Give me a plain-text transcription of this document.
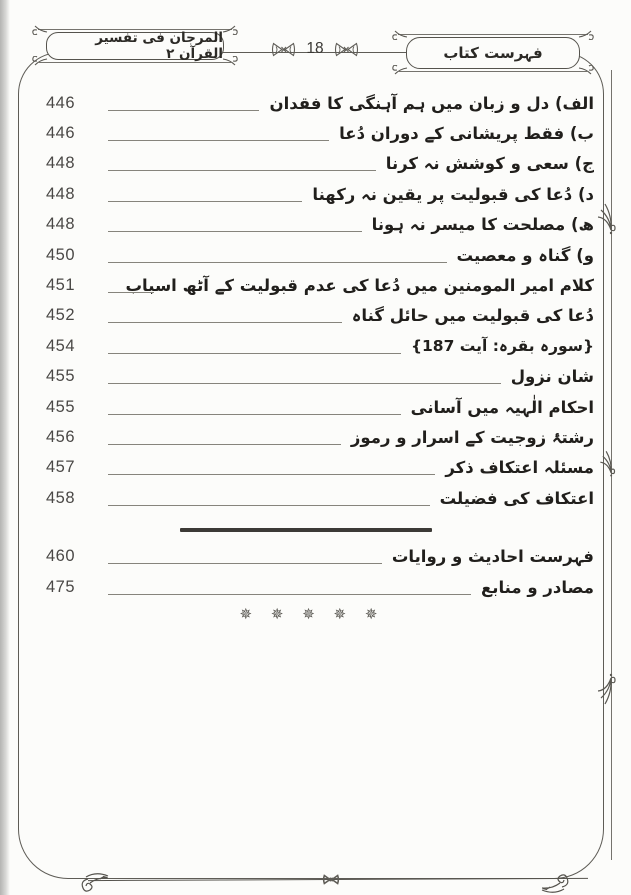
المرجان فی تفسیر القرآن ۲	فہرست کتاب
18
446	الف) دل و زبان میں ہم آہنگی کا فقدان
446	ب) فقط پریشانی کے دوران دُعا
448	ج) سعی و کوشش نہ کرنا
448	د) دُعا کی قبولیت پر یقین نہ رکھنا
448	ھ) مصلحت کا میسر نہ ہونا
450	و) گناہ و معصیت
451	کلام امیر المومنین میں دُعا کی عدم قبولیت کے آٹھ اسباب
452	دُعا کی قبولیت میں حائل گناہ
454	{سورہ بقرہ: آیت 187}
455	شان نزول
455	احکام الٰہیہ میں آسانی
456	رشتۂ زوجیت کے اسرار و رموز
457	مسئلہ اعتکاف ذکر
458	اعتکاف کی فضیلت
460	فہرست احادیث و روایات
475	مصادر و منابع
✵ ✵ ✵ ✵ ✵
